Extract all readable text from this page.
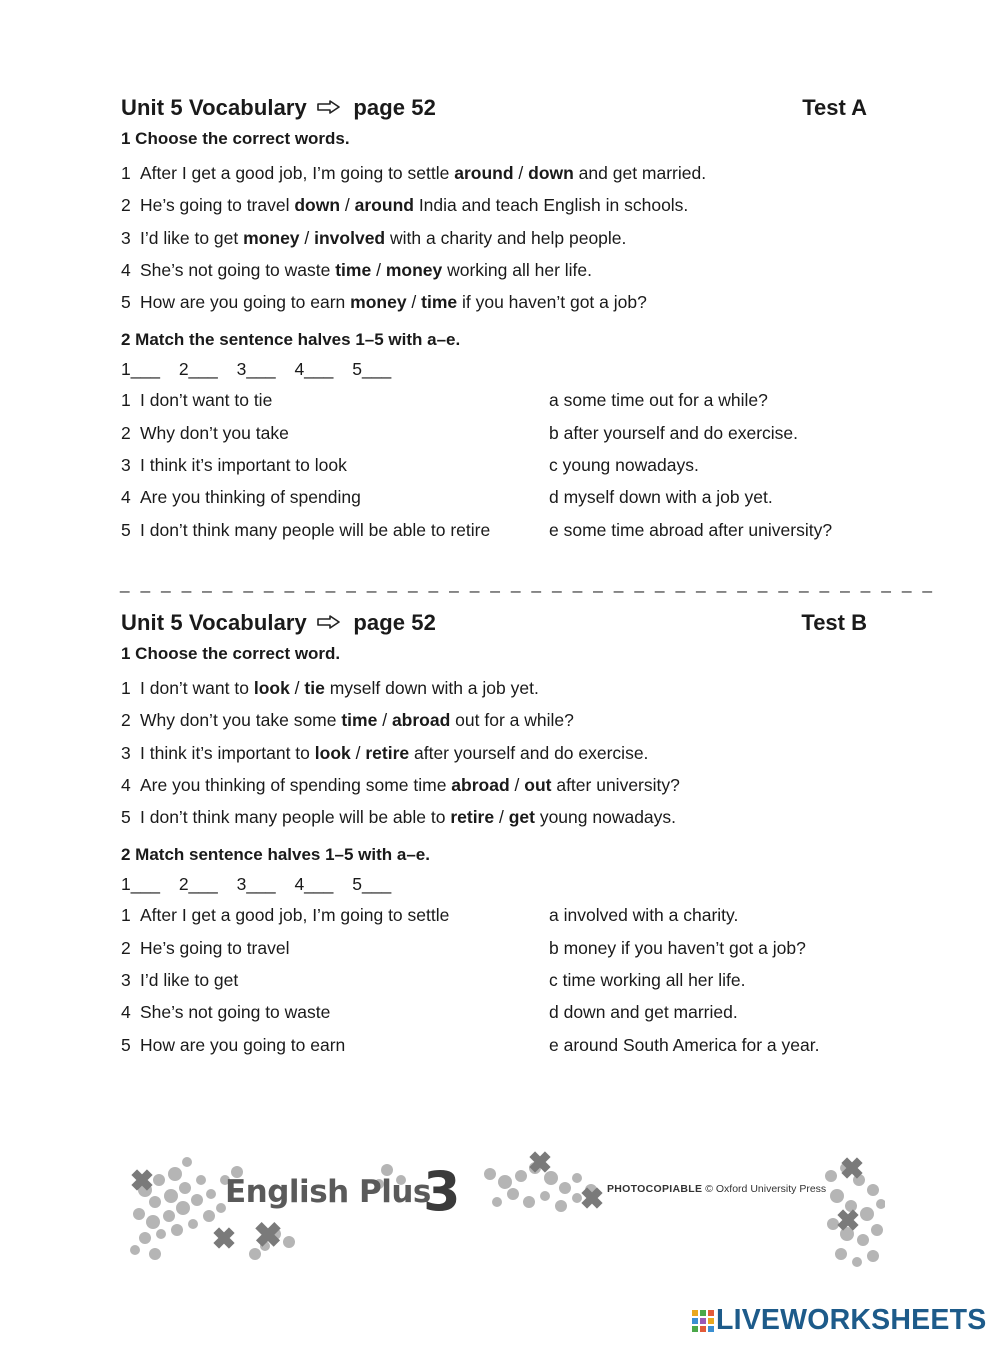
Unit 5 Vocabulary page 52	Test A
1 Choose the correct words.
1 After I get a good job, I’m going to settle around / down and get married.
2 He’s going to travel down / around India and teach English in schools.
3 I’d like to get money / involved with a charity and help people.
4 She’s not going to waste time / money working all her life.
5 How are you going to earn money / time if you haven’t got a job?
2 Match the sentence halves 1–5 with a–e.
1___ 2___ 3___ 4___ 5___
1 I don’t want to tie	a some time out for a while?
2 Why don’t you take	b after yourself and do exercise.
3 I think it’s important to look	c young nowadays.
4 Are you thinking of spending	d myself down with a job yet.
5 I don’t think many people will be able to retire	e some time abroad after university?
_ _ _ _ _ _ _ _ _ _ _ _ _ _ _ _ _ _ _ _ _ _ _ _ _ _ _ _ _ _ _ _ _ _ _ _ _ _ _ _
Unit 5 Vocabulary page 52	Test B
1 Choose the correct word.
1 I don’t want to look / tie myself down with a job yet.
2 Why don’t you take some time / abroad out for a while?
3 I think it’s important to look / retire after yourself and do exercise.
4 Are you thinking of spending some time abroad / out after university?
5 I don’t think many people will be able to retire / get young nowadays.
2 Match sentence halves 1–5 with a–e.
1___ 2___ 3___ 4___ 5___
1 After I get a good job, I’m going to settle	a involved with a charity.
2 He’s going to travel	b money if you haven’t got a job?
3 I’d like to get	c time working all her life.
4 She’s not going to waste	d down and get married.
5 How are you going to earn	e around South America for a year.
English Plus
3	PHOTOCOPIABLE © Oxford University Press
LIVEWORKSHEETS
